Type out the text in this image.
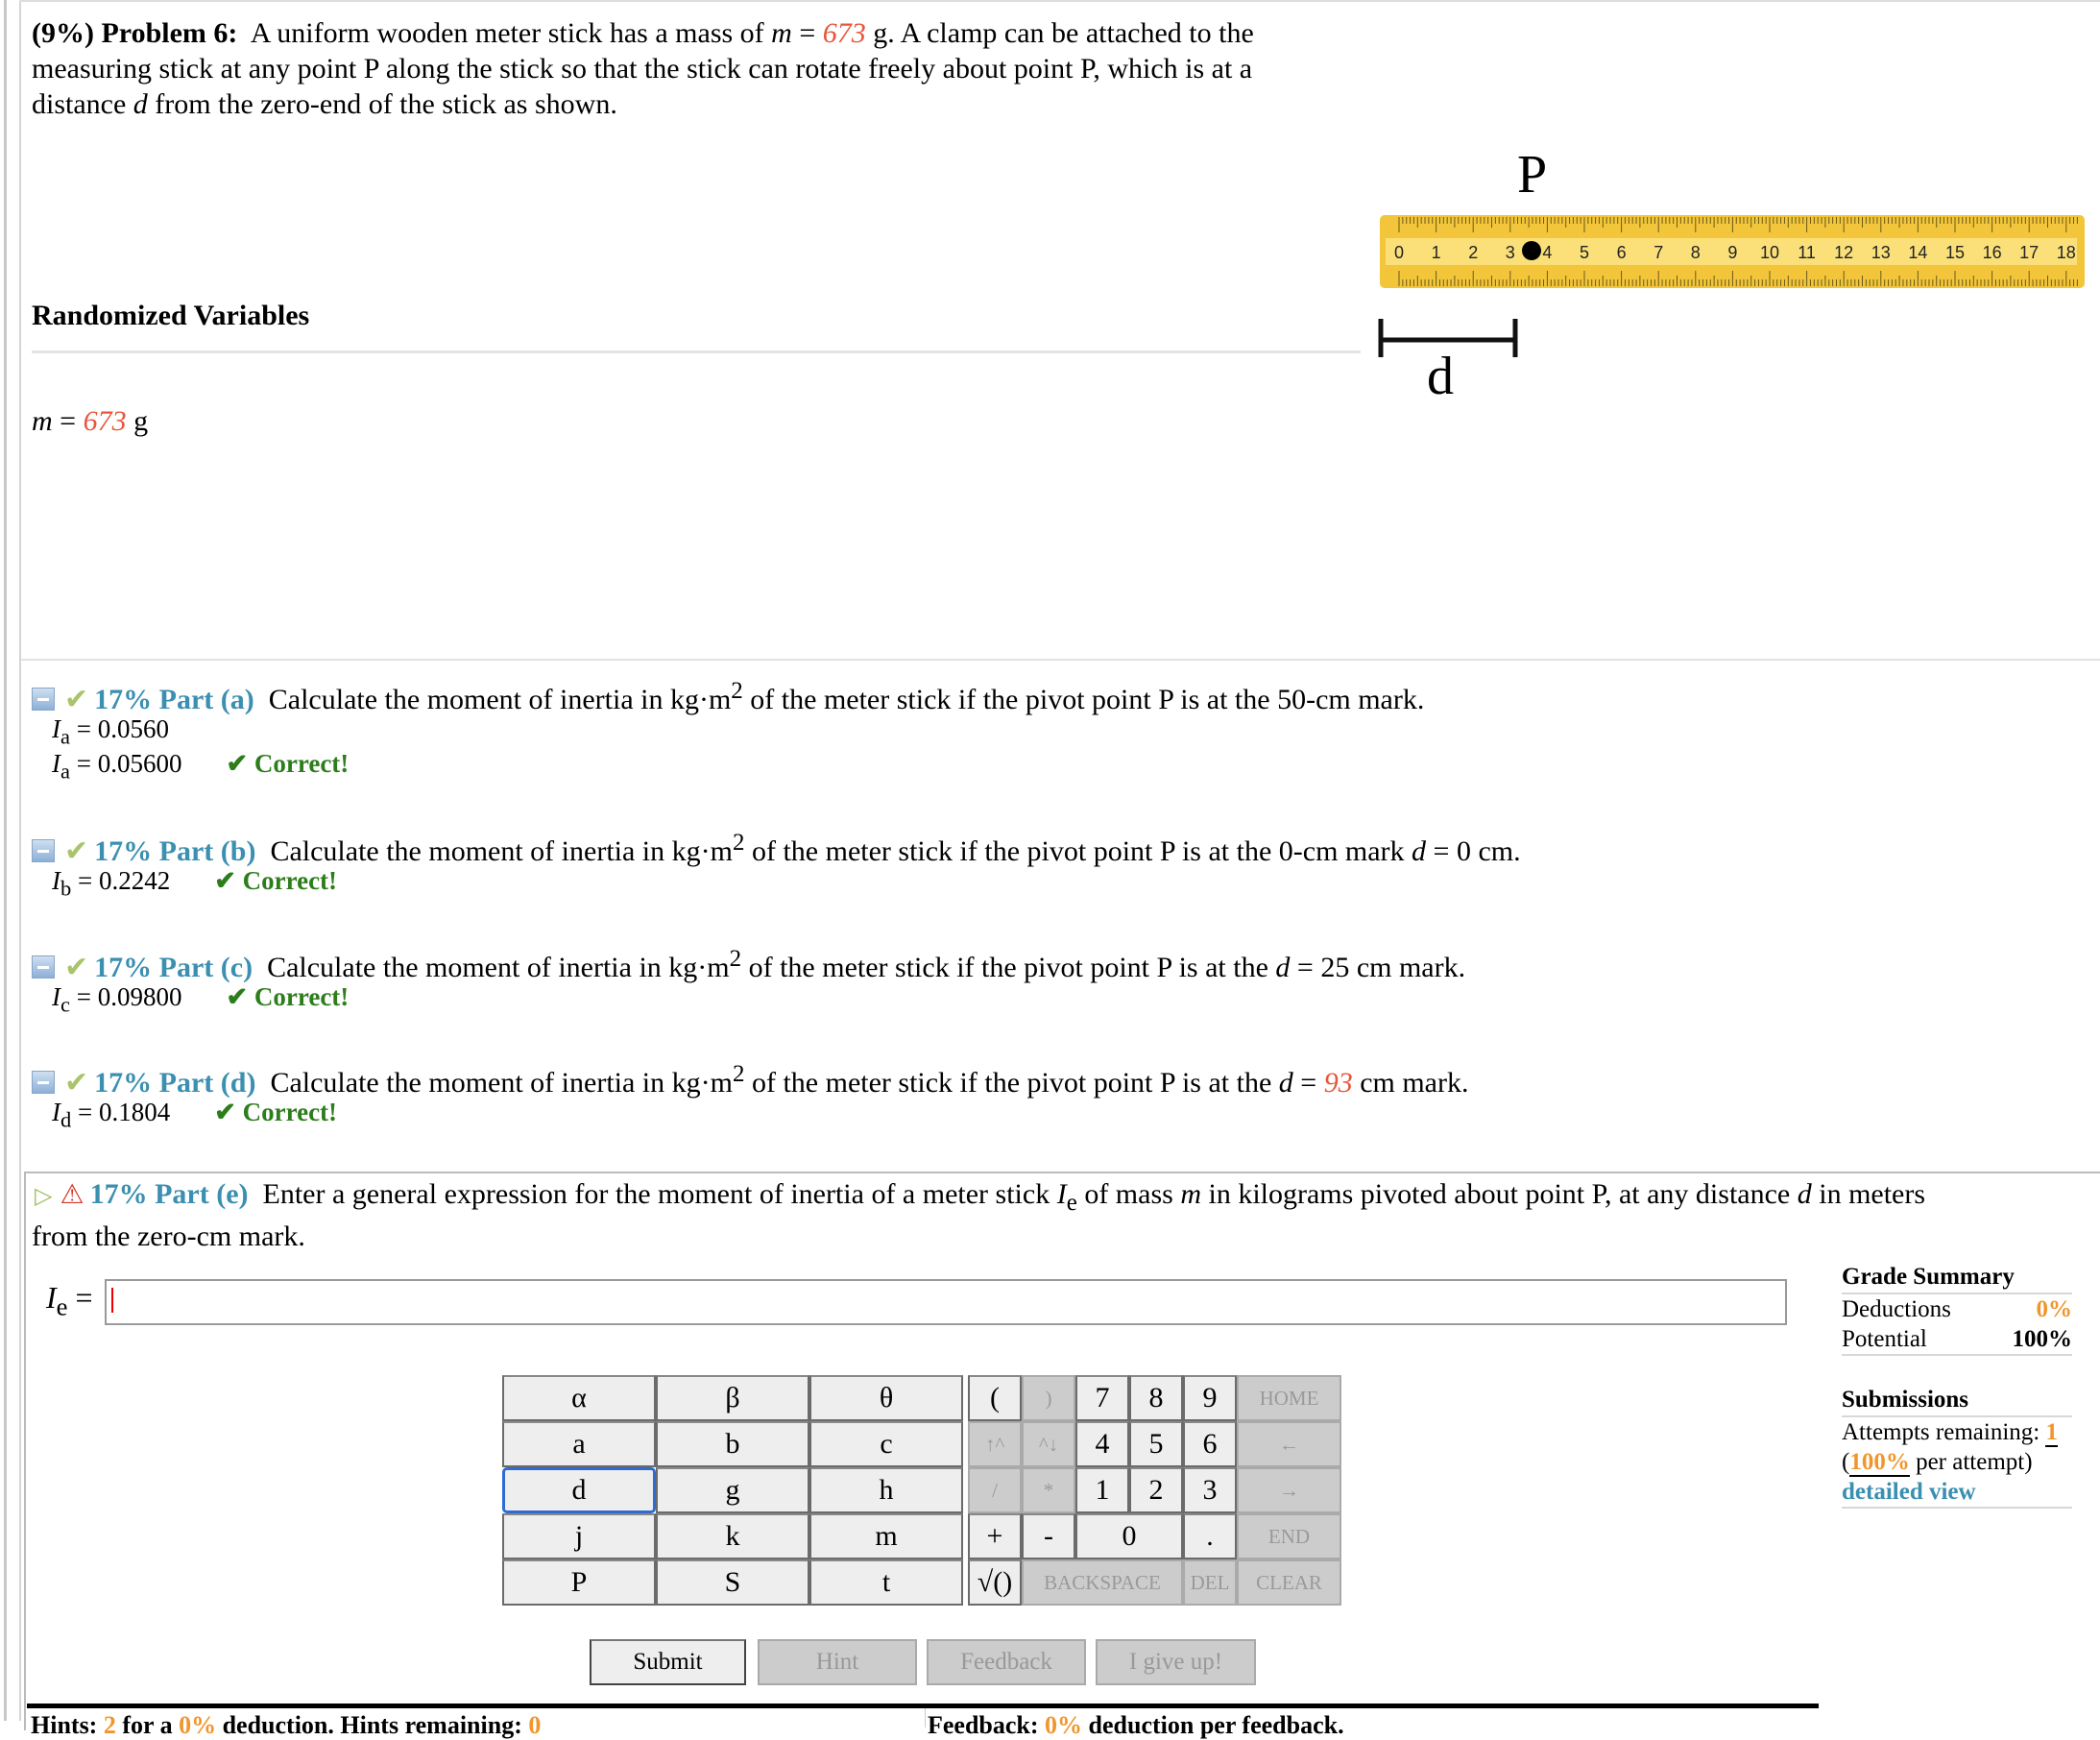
(9%) Problem 6: A uniform wooden meter stick has a mass of m = 673 g. A clamp can be attached to the
measuring stick at any point P along the stick so that the stick can rotate freely about point P, which is at a
distance d from the zero-end of the stick as shown.
P
0 1 2 3 4 5 6 7 8 9 10 11 12 13 14 15 16 17 18
d
Randomized Variables
m = 673 g
✔ 17% Part (a) Calculate the moment of inertia in $kg\cdot m^2$ of the meter stick if the pivot point P is at the 50-cm mark.
$I_a = 0.0560$
$I_a = 0.05600$ ✔ Correct!
✔ 17% Part (b) Calculate the moment of inertia in $kg\cdot m^2$ of the meter stick if the pivot point P is at the 0-cm mark d = 0 cm.
$I_b = 0.2242$ ✔ Correct!
✔ 17% Part (c) Calculate the moment of inertia in $kg\cdot m^2$ of the meter stick if the pivot point P is at the d = 25 cm mark.
$I_c = 0.09800$ ✔ Correct!
✔ 17% Part (d) Calculate the moment of inertia in $kg\cdot m^2$ of the meter stick if the pivot point P is at the d = 93 cm mark.
$I_d = 0.1804$ ✔ Correct!
▷ ⚠ 17% Part (e) Enter a general expression for the moment of inertia of a meter stick $I_e$ of mass m in kilograms pivoted about point P, at any distance d in meters
from the zero-cm mark.
$I_e$ =
α	β	θ
a	b	c
d	g	h
j	k	m
P	S	t
(	)
↑^	^↓
/	*
7	8	9
4	5	6
1	2	3
+	-	0	.
√()	BACKSPACE	DEL
HOME
←
→
END
CLEAR
Submit	Hint	Feedback	I give up!
Grade Summary
Deductions	0%
Potential	100%
Submissions
Attempts remaining: 1
(100% per attempt)
detailed view
Hints: 2 for a 0% deduction. Hints remaining: 0	Feedback: 0% deduction per feedback.
